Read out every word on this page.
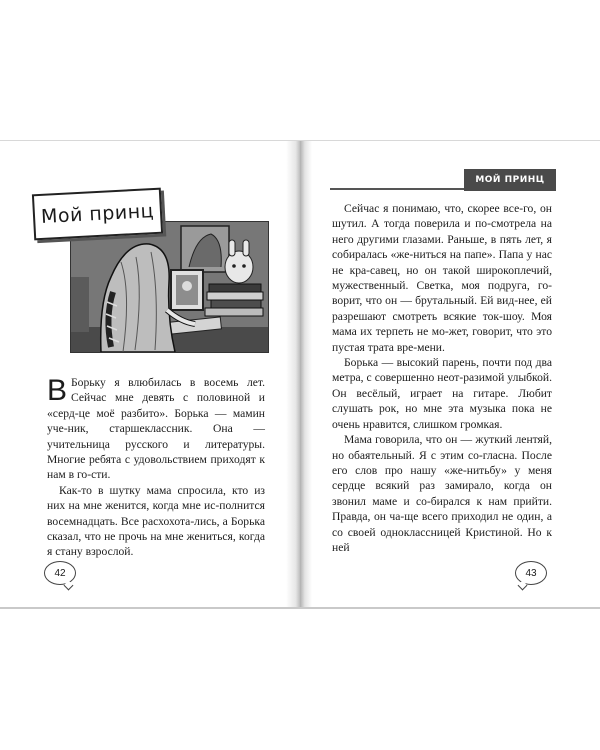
Мой принц

В Борьку я влюбилась в восемь лет. Сейчас мне девять с половиной и «серд-це моё разбито». Борька — мамин уче-ник, старшеклассник. Она — учительница русского и литературы. Многие ребята с удовольствием приходят к нам в го-сти.

Как-то в шутку мама спросила, кто из них на мне женится, когда мне ис-полнится восемнадцать. Все расхохота-лись, а Борька сказал, что не прочь на мне жениться, когда я стану взрослой.

42
МОЙ ПРИНЦ

Сейчас я понимаю, что, скорее все-го, он шутил. А тогда поверила и по-смотрела на него другими глазами. Раньше, в пять лет, я собиралась «же-ниться на папе». Папа у нас не кра-савец, но он такой широкоплечий, мужественный. Светка, моя подруга, го-ворит, что он — брутальный. Ей вид-нее, ей разрешают смотреть всякие ток-шоу. Моя мама их терпеть не мо-жет, говорит, что это пустая трата вре-мени.

Борька — высокий парень, почти под два метра, с совершенно неот-разимой улыбкой. Он весёлый, играет на гитаре. Любит слушать рок, но мне эта музыка пока не очень нравится, слишком громкая.

Мама говорила, что он — жуткий лентяй, но обаятельный. Я с этим со-гласна. После его слов про нашу «же-нитьбу» у меня сердце всякий раз замирало, когда он звонил маме и со-бирался к нам прийти. Правда, он ча-ще всего приходил не один, а со своей одноклассницей Кристиной. Но к ней

43
